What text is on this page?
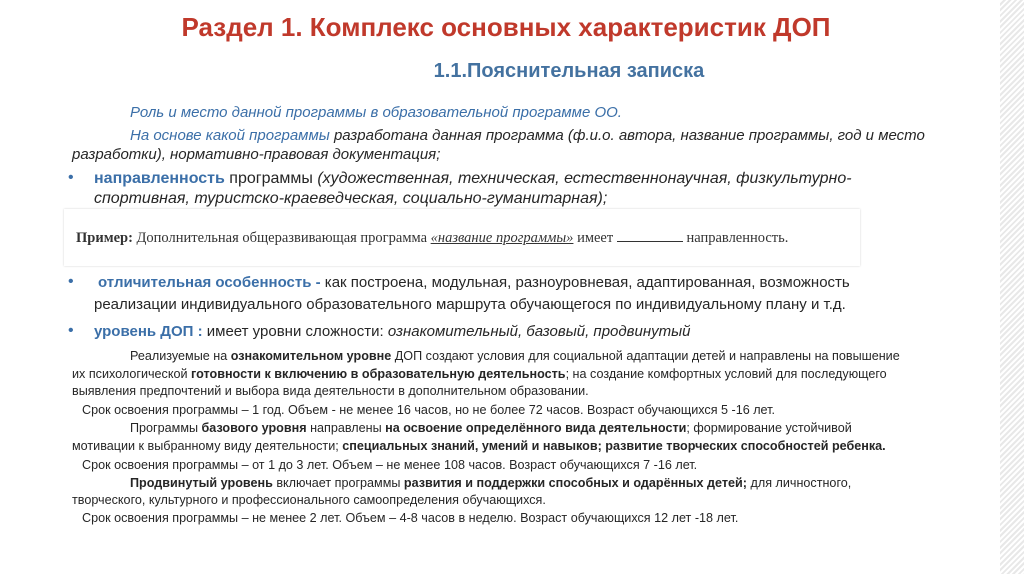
Раздел 1. Комплекс основных характеристик ДОП
1.1.Пояснительная записка
Роль и место данной программы в образовательной программе ОО.
На основе какой программы разработана данная программа (ф.и.о. автора, название программы, год и место
разработки), нормативно-правовая документация;
• направленность программы (художественная, техническая, естественнонаучная, физкультурно-
спортивная, туристско-краеведческая, социально-гуманитарная);
Пример: Дополнительная общеразвивающая программа «название программы» имеет	направленность.
• отличительная особенность - как построена, модульная, разноуровневая, адаптированная, возможность
реализации индивидуального образовательного маршрута обучающегося по индивидуальному плану и т.д.
• уровень ДОП : имеет уровни сложности: ознакомительный, базовый, продвинутый
Реализуемые на ознакомительном уровне ДОП создают условия для социальной адаптации детей и направлены на повышение
их психологической готовности к включению в образовательную деятельность; на создание комфортных условий для последующего
выявления предпочтений и выбора вида деятельности в дополнительном образовании.
Срок освоения программы – 1 год. Объем - не менее 16 часов, но не более 72 часов. Возраст обучающихся 5 -16 лет.
Программы базового уровня направлены на освоение определённого вида деятельности; формирование устойчивой
мотивации к выбранному виду деятельности; специальных знаний, умений и навыков; развитие творческих способностей ребенка.
Срок освоения программы – от 1 до 3 лет. Объем – не менее 108 часов. Возраст обучающихся 7 -16 лет.
Продвинутый уровень включает программы развития и поддержки способных и одарённых детей; для личностного,
творческого, культурного и профессионального самоопределения обучающихся.
Срок освоения программы – не менее 2 лет. Объем – 4-8 часов в неделю. Возраст обучающихся 12 лет -18 лет.
